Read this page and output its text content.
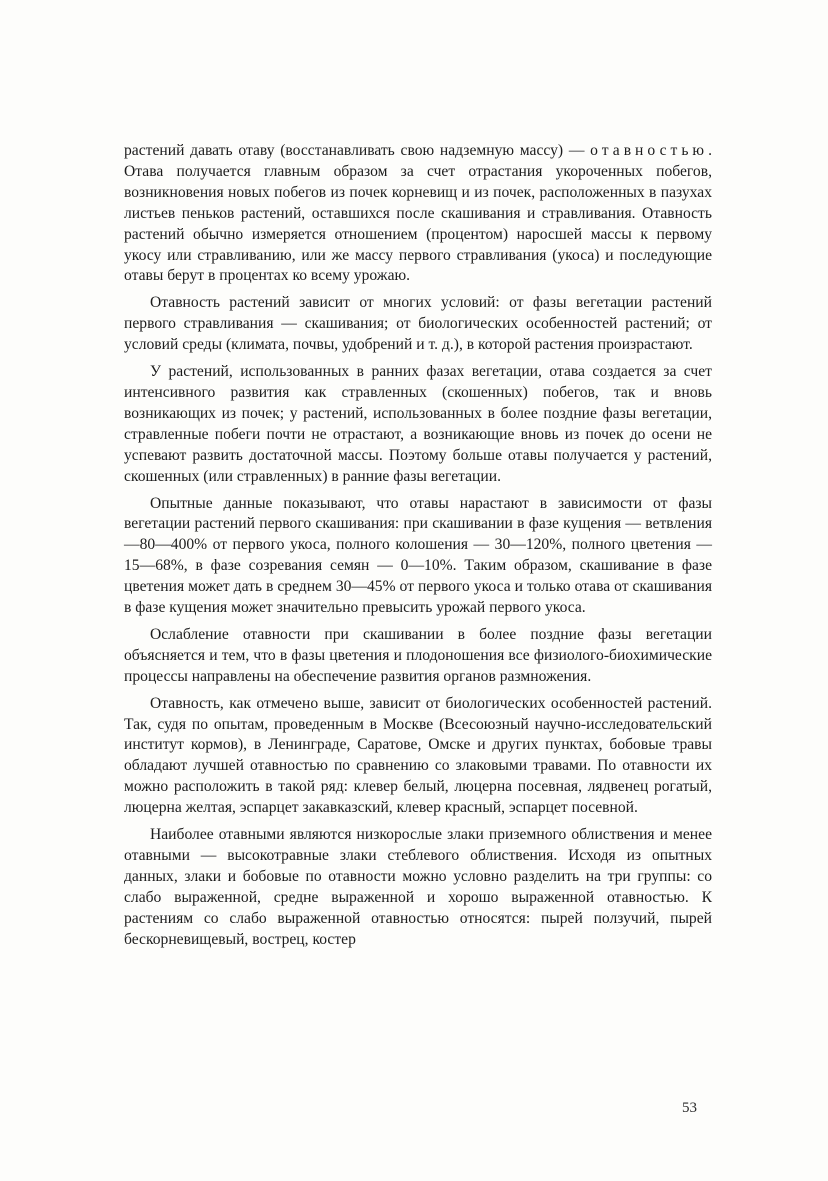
растений давать отаву (восстанавливать свою надземную массу) — отавностью. Отава получается главным образом за счет отрастания укороченных побегов, возникновения новых побегов из почек корневищ и из почек, расположенных в пазухах листьев пеньков растений, оставшихся после скашивания и стравливания. Отавность растений обычно измеряется отношением (процентом) наросшей массы к первому укосу или стравливанию, или же массу первого стравливания (укоса) и последующие отавы берут в процентах ко всему урожаю.

Отавность растений зависит от многих условий: от фазы вегетации растений первого стравливания — скашивания; от биологических особенностей растений; от условий среды (климата, почвы, удобрений и т. д.), в которой растения произрастают.

У растений, использованных в ранних фазах вегетации, отава создается за счет интенсивного развития как стравленных (скошенных) побегов, так и вновь возникающих из почек; у растений, использованных в более поздние фазы вегетации, стравленные побеги почти не отрастают, а возникающие вновь из почек до осени не успевают развить достаточной массы. Поэтому больше отавы получается у растений, скошенных (или стравленных) в ранние фазы вегетации.

Опытные данные показывают, что отавы нарастают в зависимости от фазы вегетации растений первого скашивания: при скашивании в фазе кущения — ветвления—80—400% от первого укоса, полного колошения — 30—120%, полного цветения — 15—68%, в фазе созревания семян — 0—10%. Таким образом, скашивание в фазе цветения может дать в среднем 30—45% от первого укоса и только отава от скашивания в фазе кущения может значительно превысить урожай первого укоса.

Ослабление отавности при скашивании в более поздние фазы вегетации объясняется и тем, что в фазы цветения и плодоношения все физиолого-биохимические процессы направлены на обеспечение развития органов размножения.

Отавность, как отмечено выше, зависит от биологических особенностей растений. Так, судя по опытам, проведенным в Москве (Всесоюзный научно-исследовательский институт кормов), в Ленинграде, Саратове, Омске и других пунктах, бобовые травы обладают лучшей отавностью по сравнению со злаковыми травами. По отавности их можно расположить в такой ряд: клевер белый, люцерна посевная, лядвенец рогатый, люцерна желтая, эспарцет закавказский, клевер красный, эспарцет посевной.

Наиболее отавными являются низкорослые злаки приземного облиствения и менее отавными — высокотравные злаки стеблевого облиствения. Исходя из опытных данных, злаки и бобовые по отавности можно условно разделить на три группы: со слабо выраженной, средне выраженной и хорошо выраженной отавностью. К растениям со слабо выраженной отавностью относятся: пырей ползучий, пырей бескорневищевый, вострец, костер

53
